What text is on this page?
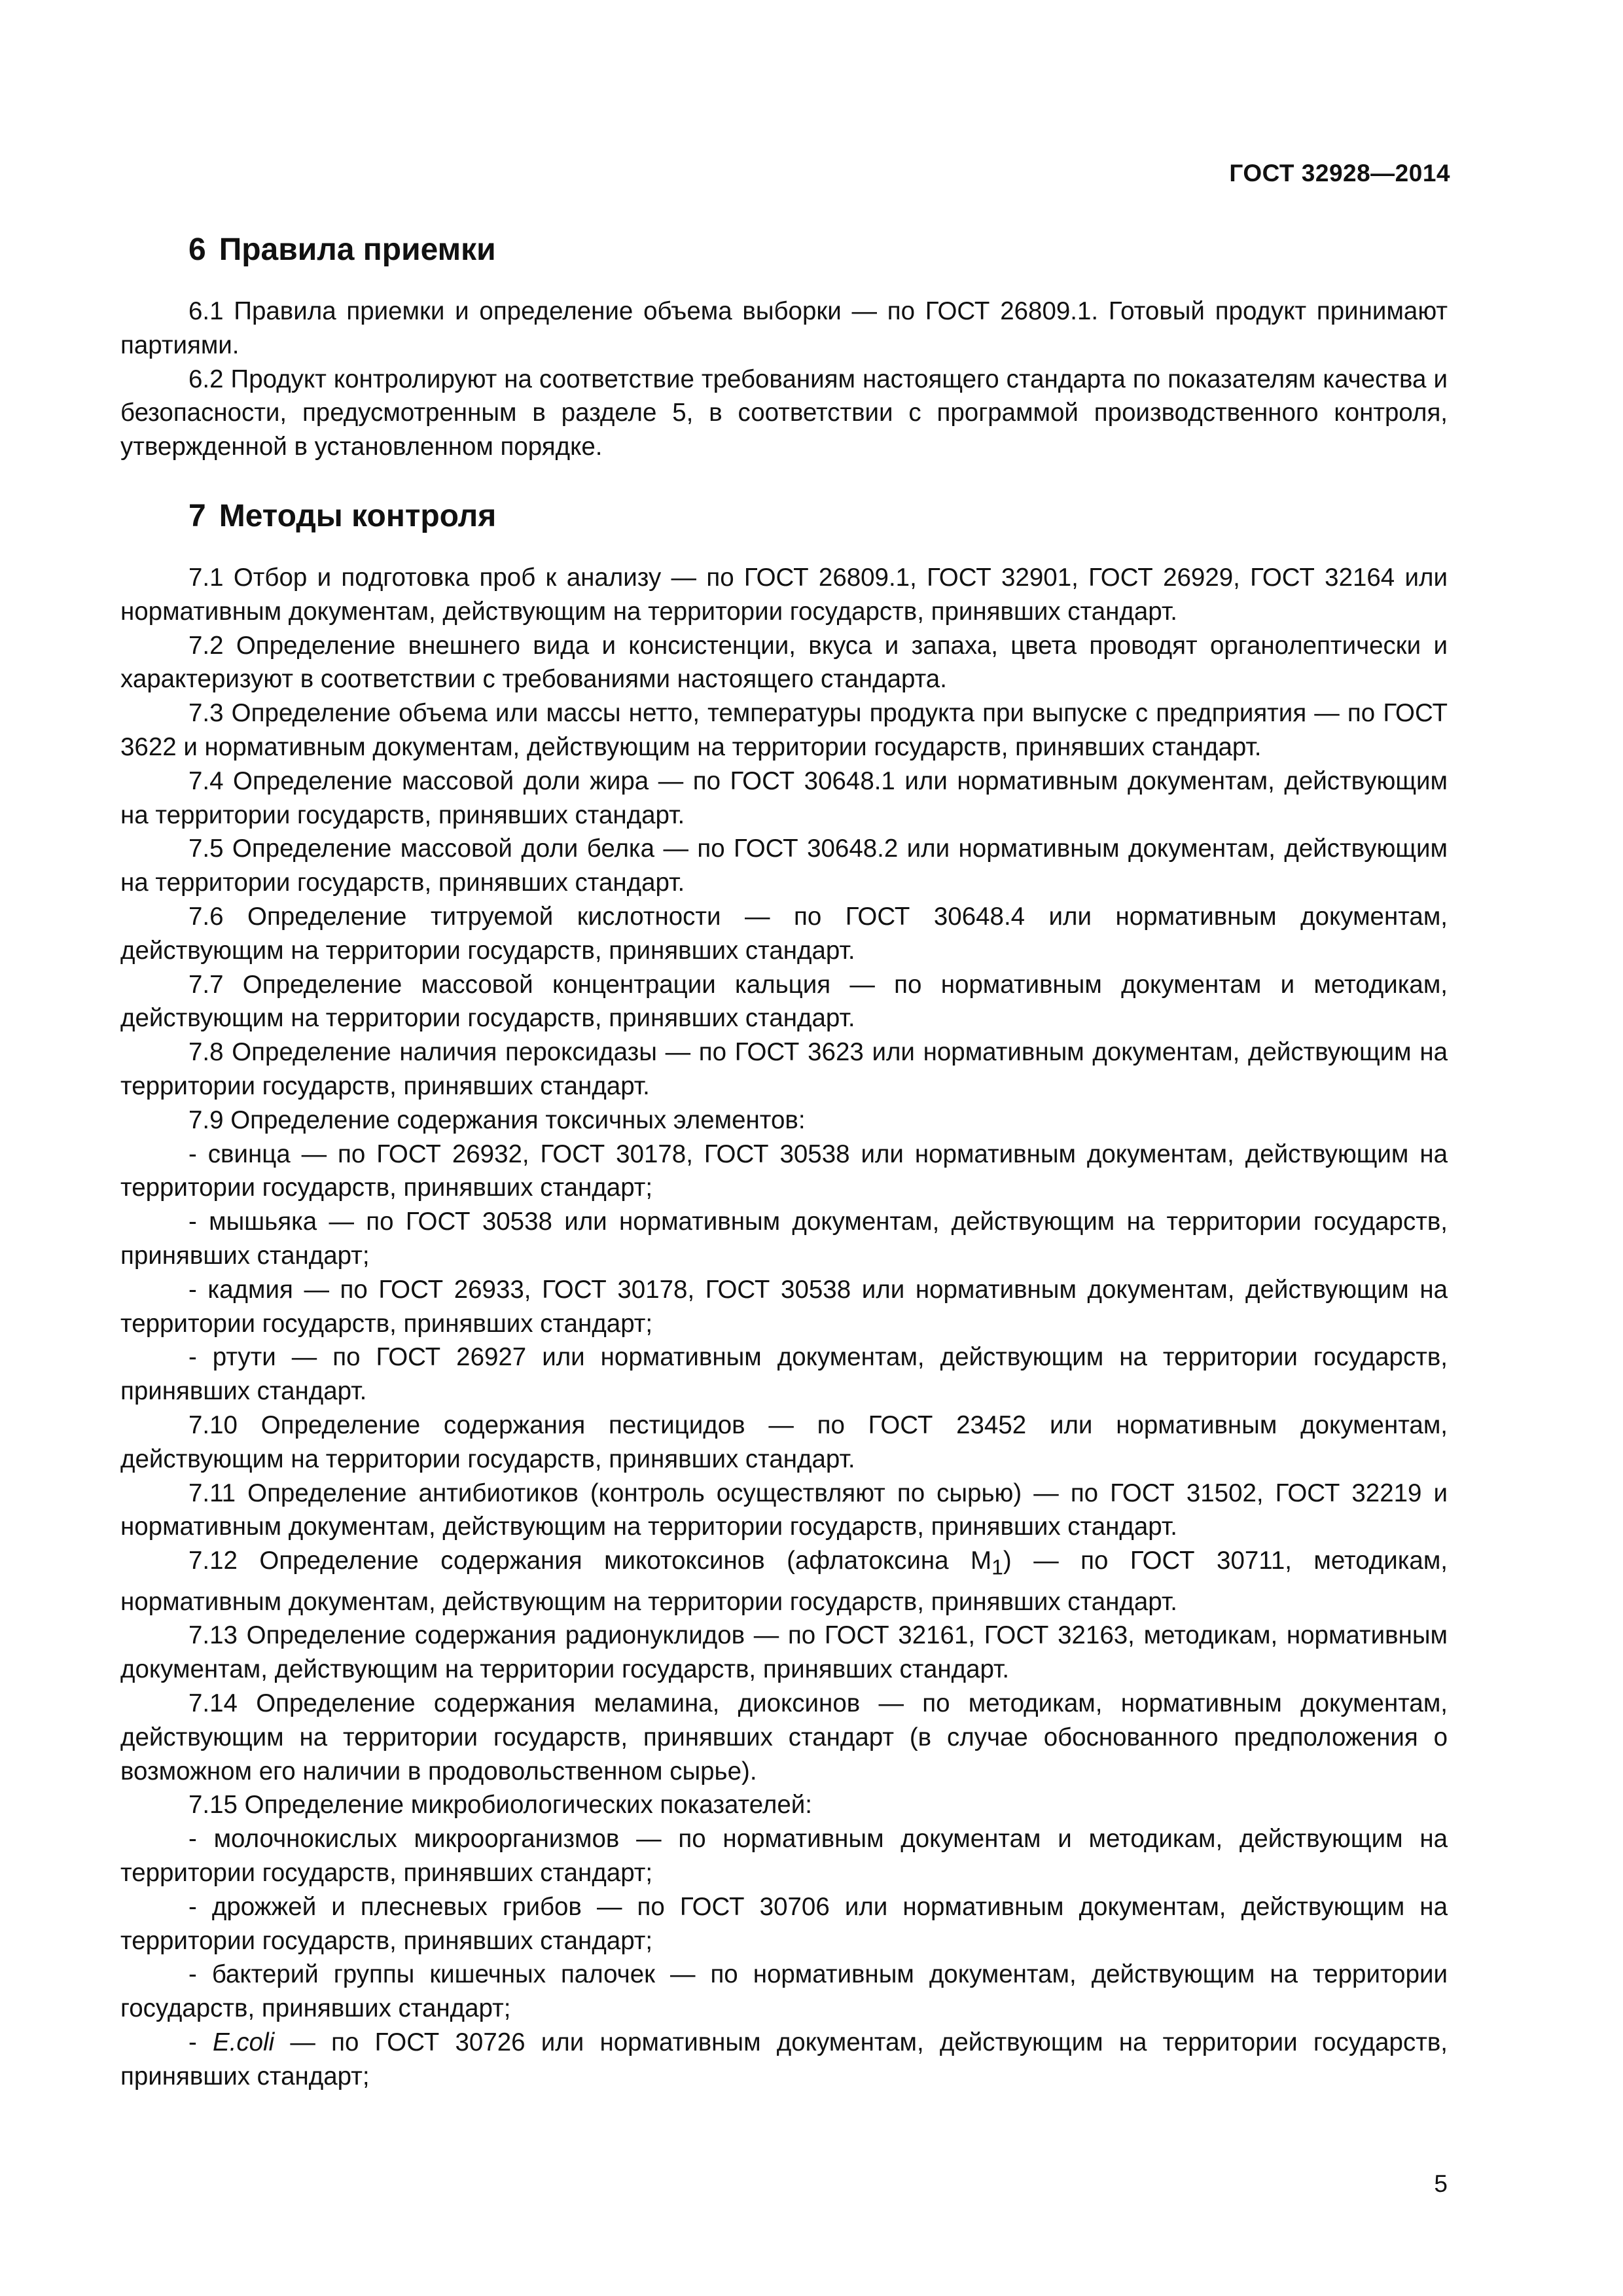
ГОСТ 32928—2014
6 Правила приемки

6.1 Правила приемки и определение объема выборки — по ГОСТ 26809.1. Готовый продукт принимают партиями.

6.2 Продукт контролируют на соответствие требованиям настоящего стандарта по показателям качества и безопасности, предусмотренным в разделе 5, в соответствии с программой производственного контроля, утвержденной в установленном порядке.

7 Методы контроля

7.1 Отбор и подготовка проб к анализу — по ГОСТ 26809.1, ГОСТ 32901, ГОСТ 26929, ГОСТ 32164 или нормативным документам, действующим на территории государств, принявших стандарт.

7.2 Определение внешнего вида и консистенции, вкуса и запаха, цвета проводят органолептически и характеризуют в соответствии с требованиями настоящего стандарта.

7.3 Определение объема или массы нетто, температуры продукта при выпуске с предприятия — по ГОСТ 3622 и нормативным документам, действующим на территории государств, принявших стандарт.

7.4 Определение массовой доли жира — по ГОСТ 30648.1 или нормативным документам, действующим на территории государств, принявших стандарт.

7.5 Определение массовой доли белка — по ГОСТ 30648.2 или нормативным документам, действующим на территории государств, принявших стандарт.

7.6 Определение титруемой кислотности — по ГОСТ 30648.4 или нормативным документам, действующим на территории государств, принявших стандарт.

7.7 Определение массовой концентрации кальция — по нормативным документам и методикам, действующим на территории государств, принявших стандарт.

7.8 Определение наличия пероксидазы — по ГОСТ 3623 или нормативным документам, действующим на территории государств, принявших стандарт.

7.9 Определение содержания токсичных элементов:

- свинца — по ГОСТ 26932, ГОСТ 30178, ГОСТ 30538 или нормативным документам, действующим на территории государств, принявших стандарт;

- мышьяка — по ГОСТ 30538 или нормативным документам, действующим на территории государств, принявших стандарт;

- кадмия — по ГОСТ 26933, ГОСТ 30178, ГОСТ 30538 или нормативным документам, действующим на территории государств, принявших стандарт;

- ртути — по ГОСТ 26927 или нормативным документам, действующим на территории государств, принявших стандарт.

7.10 Определение содержания пестицидов — по ГОСТ 23452 или нормативным документам, действующим на территории государств, принявших стандарт.

7.11 Определение антибиотиков (контроль осуществляют по сырью) — по ГОСТ 31502, ГОСТ 32219 и нормативным документам, действующим на территории государств, принявших стандарт.

7.12 Определение содержания микотоксинов (афлатоксина $M_1$) — по ГОСТ 30711, методикам, нормативным документам, действующим на территории государств, принявших стандарт.

7.13 Определение содержания радионуклидов — по ГОСТ 32161, ГОСТ 32163, методикам, нормативным документам, действующим на территории государств, принявших стандарт.

7.14 Определение содержания меламина, диоксинов — по методикам, нормативным документам, действующим на территории государств, принявших стандарт (в случае обоснованного предположения о возможном его наличии в продовольственном сырье).

7.15 Определение микробиологических показателей:

- молочнокислых микроорганизмов — по нормативным документам и методикам, действующим на территории государств, принявших стандарт;

- дрожжей и плесневых грибов — по ГОСТ 30706 или нормативным документам, действующим на территории государств, принявших стандарт;

- бактерий группы кишечных палочек — по нормативным документам, действующим на территории государств, принявших стандарт;

- E.coli — по ГОСТ 30726 или нормативным документам, действующим на территории государств, принявших стандарт;

5
